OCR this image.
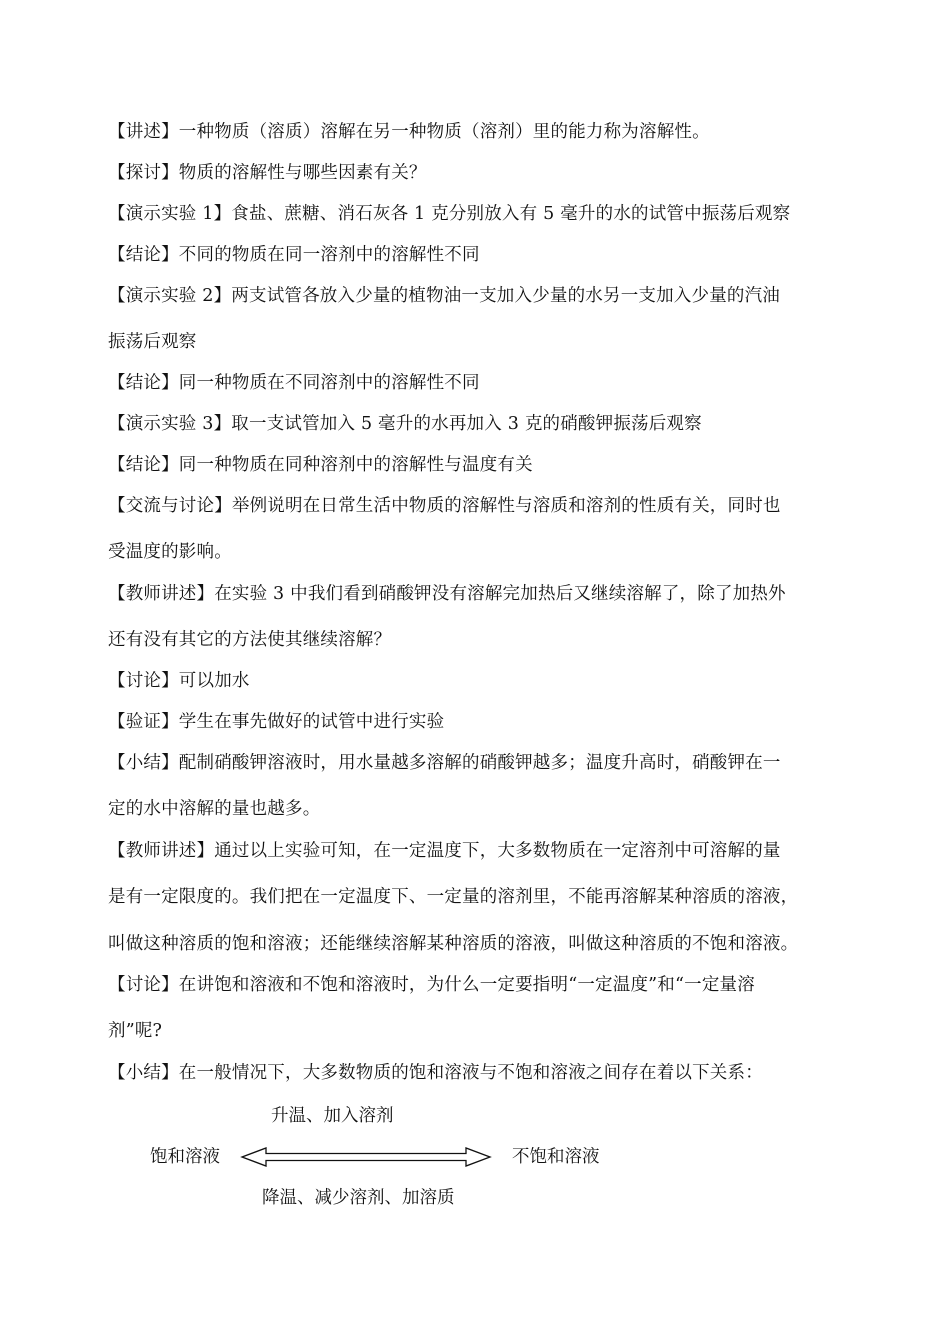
【讲述】一种物质（溶质）溶解在另一种物质（溶剂）里的能力称为溶解性。
【探讨】物质的溶解性与哪些因素有关？
【演示实验 1】食盐、蔗糖、消石灰各 1 克分别放入有 5 毫升的水的试管中振荡后观察
【结论】不同的物质在同一溶剂中的溶解性不同
【演示实验 2】两支试管各放入少量的植物油一支加入少量的水另一支加入少量的汽油
振荡后观察
【结论】同一种物质在不同溶剂中的溶解性不同
【演示实验 3】取一支试管加入 5 毫升的水再加入 3 克的硝酸钾振荡后观察
【结论】同一种物质在同种溶剂中的溶解性与温度有关
【交流与讨论】举例说明在日常生活中物质的溶解性与溶质和溶剂的性质有关，同时也
受温度的影响。
【教师讲述】在实验 3 中我们看到硝酸钾没有溶解完加热后又继续溶解了，除了加热外
还有没有其它的方法使其继续溶解？
【讨论】可以加水
【验证】学生在事先做好的试管中进行实验
【小结】配制硝酸钾溶液时，用水量越多溶解的硝酸钾越多；温度升高时，硝酸钾在一
定的水中溶解的量也越多。
【教师讲述】通过以上实验可知，在一定温度下，大多数物质在一定溶剂中可溶解的量
是有一定限度的。我们把在一定温度下、一定量的溶剂里，不能再溶解某种溶质的溶液，
叫做这种溶质的饱和溶液；还能继续溶解某种溶质的溶液，叫做这种溶质的不饱和溶液。
【讨论】在讲饱和溶液和不饱和溶液时，为什么一定要指明“一定温度”和“一定量溶
剂”呢?
【小结】在一般情况下，大多数物质的饱和溶液与不饱和溶液之间存在着以下关系：
升温、加入溶剂
饱和溶液	不饱和溶液
降温、减少溶剂、加溶质
